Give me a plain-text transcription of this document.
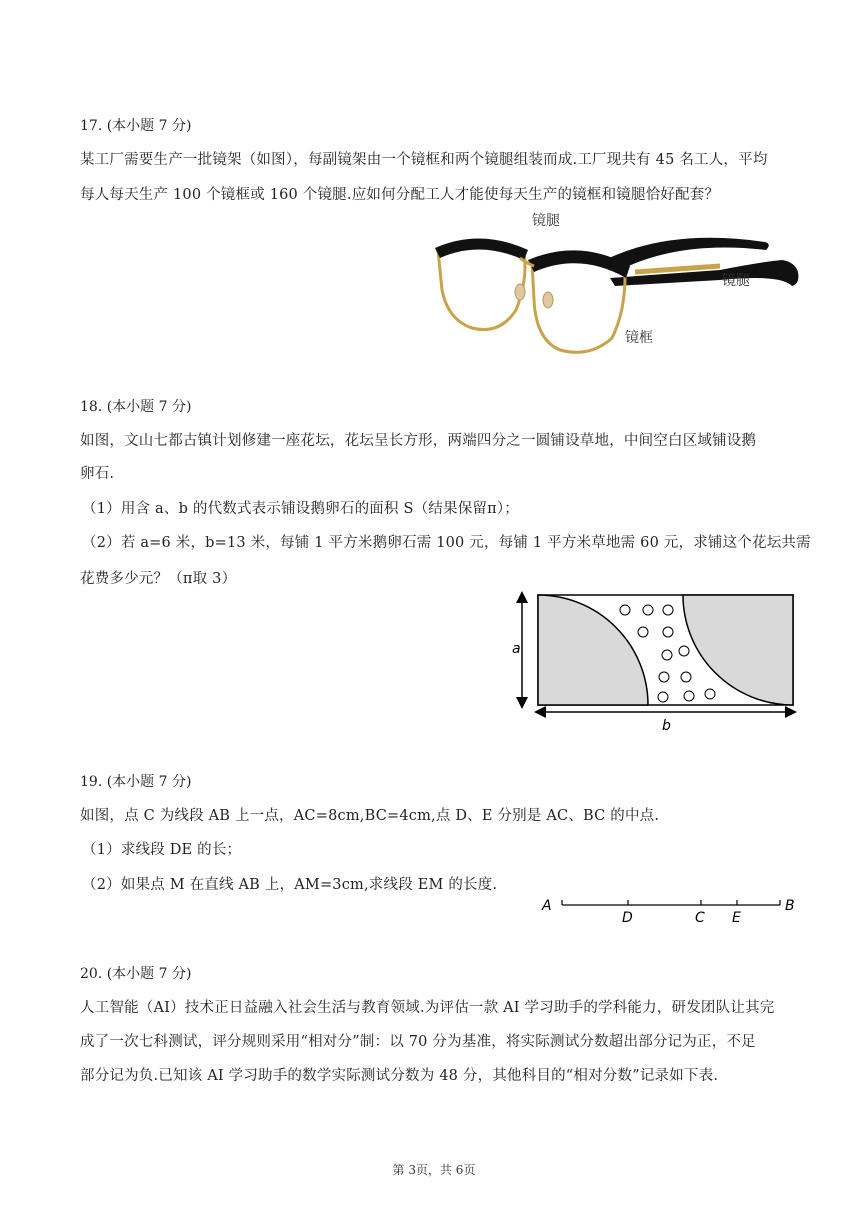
17. (本小题 7 分)
某工厂需要生产一批镜架（如图），每副镜架由一个镜框和两个镜腿组装而成.工厂现共有 45 名工人，平均
每人每天生产 100 个镜框或 160 个镜腿.应如何分配工人才能使每天生产的镜框和镜腿恰好配套？
镜腿
镜腿
镜框
18. (本小题 7 分)
如图，文山七都古镇计划修建一座花坛，花坛呈长方形，两端四分之一圆铺设草地，中间空白区域铺设鹅
卵石.
（1）用含 a、b 的代数式表示铺设鹅卵石的面积 S（结果保留π）；
（2）若 a=6 米，b=13 米，每铺 1 平方米鹅卵石需 100 元，每铺 1 平方米草地需 60 元，求铺这个花坛共需
花费多少元？（π取 3）
a
b
19. (本小题 7 分)
如图，点 C 为线段 AB 上一点，AC=8cm,BC=4cm,点 D、E 分别是 AC、BC 的中点.
（1）求线段 DE 的长；
（2）如果点 M 在直线 AB 上，AM=3cm,求线段 EM 的长度.
A
D	C E
B
20. (本小题 7 分)
人工智能（AI）技术正日益融入社会生活与教育领域.为评估一款 AI 学习助手的学科能力，研发团队让其完
成了一次七科测试，评分规则采用“相对分”制：以 70 分为基准，将实际测试分数超出部分记为正，不足
部分记为负.已知该 AI 学习助手的数学实际测试分数为 48 分，其他科目的“相对分数”记录如下表.
第 3页，共 6页
